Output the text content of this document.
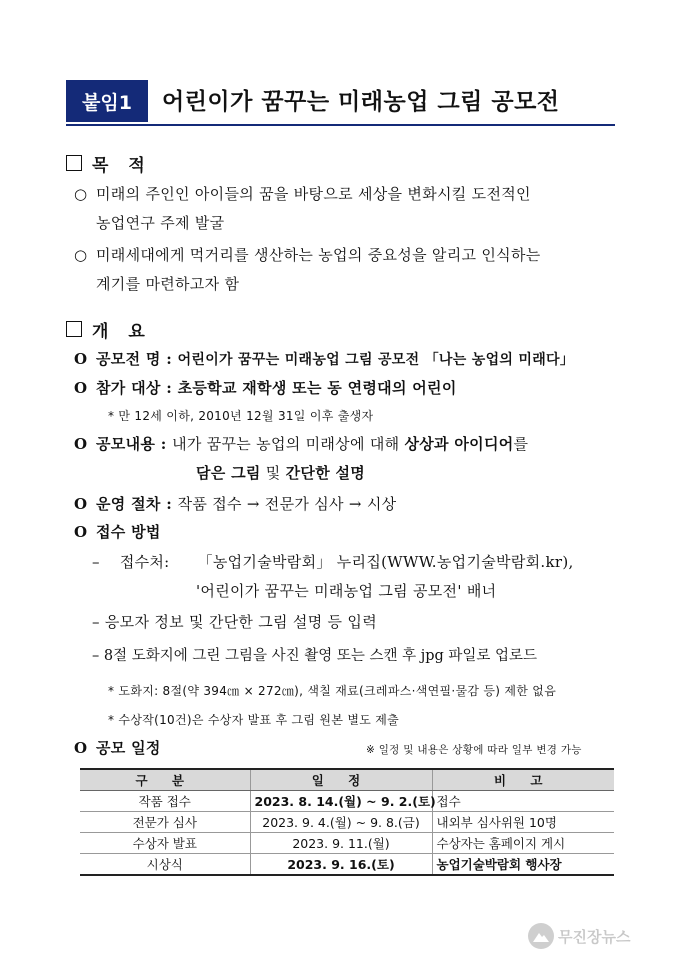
붙임1	어린이가 꿈꾸는 미래농업 그림 공모전
목 적
○ 미래의 주인인 아이들의 꿈을 바탕으로 세상을 변화시킬 도전적인
농업연구 주제 발굴
○ 미래세대에게 먹거리를 생산하는 농업의 중요성을 알리고 인식하는
계기를 마련하고자 함
개 요
O 공모전 명 : 어린이가 꿈꾸는 미래농업 그림 공모전 「나는 농업의 미래다」
O 참가 대상 : 초등학교 재학생 또는 동 연령대의 어린이
* 만 12세 이하, 2010년 12월 31일 이후 출생자
O 공모내용 : 내가 꿈꾸는 농업의 미래상에 대해 상상과 아이디어를
담은 그림 및 간단한 설명
O 운영 절차 : 작품 접수 → 전문가 심사 → 시상
O 접수 방법
– 접수처: 「농업기술박람회」 누리집(WWW.농업기술박람회.kr),
'어린이가 꿈꾸는 미래농업 그림 공모전' 배너
– 응모자 정보 및 간단한 그림 설명 등 입력
– 8절 도화지에 그린 그림을 사진 촬영 또는 스캔 후 jpg 파일로 업로드
* 도화지: 8절(약 394㎝ × 272㎝), 색칠 재료(크레파스·색연필·물감 등) 제한 없음
* 수상작(10건)은 수상자 발표 후 그림 원본 별도 제출
O 공모 일정	※ 일정 및 내용은 상황에 따라 일부 변경 가능
구 분	일 정	비 고
작품 접수	2023. 8. 14.(월) ~ 9. 2.(토)	접수
전문가 심사	2023. 9. 4.(월) ~ 9. 8.(금)	내외부 심사위원 10명
수상자 발표	2023. 9. 11.(월)	수상자는 홈페이지 게시
시상식	2023. 9. 16.(토)	농업기술박람회 행사장
무진장뉴스
